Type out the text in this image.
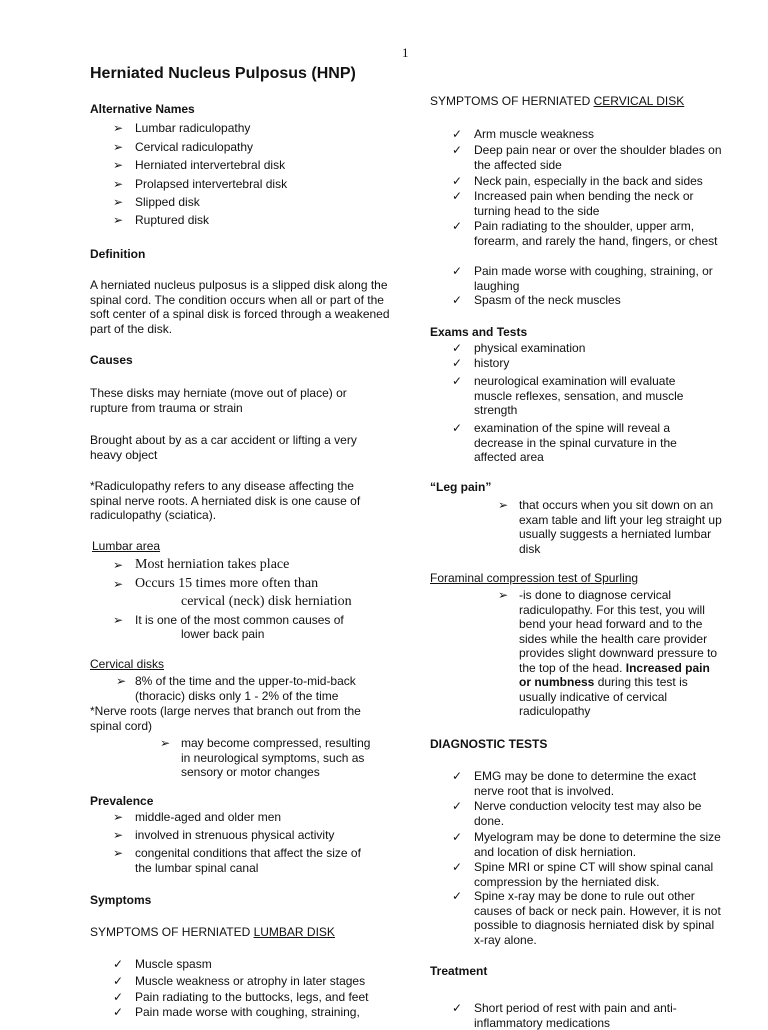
1
Herniated Nucleus Pulposus (HNP)
Alternative Names
➢ Lumbar radiculopathy
➢ Cervical radiculopathy
➢ Herniated intervertebral disk
➢ Prolapsed intervertebral disk
➢ Slipped disk
➢ Ruptured disk
Definition

A herniated nucleus pulposus is a slipped disk along the spinal cord. The condition occurs when all or part of the soft center of a spinal disk is forced through a weakened part of the disk.

Causes

These disks may herniate (move out of place) or rupture from trauma or strain

Brought about by as a car accident or lifting a very heavy object

*Radiculopathy refers to any disease affecting the spinal nerve roots. A herniated disk is one cause of radiculopathy (sciatica).

Lumbar area
➢ Most herniation takes place
➢ Occurs 15 times more often than
cervical (neck) disk herniation
➢ It is one of the most common causes of
lower back pain
Cervical disks
➢ 8% of the time and the upper-to-mid-back
(thoracic) disks only 1 - 2% of the time

*Nerve roots (large nerves that branch out from the spinal cord)

➢ may become compressed, resulting in neurological symptoms, such as sensory or motor changes
Prevalence
➢ middle-aged and older men
➢ involved in strenuous physical activity
➢ congenital conditions that affect the size of the lumbar spinal canal
Symptoms
SYMPTOMS OF HERNIATED LUMBAR DISK
✓ Muscle spasm
✓ Muscle weakness or atrophy in later stages
✓ Pain radiating to the buttocks, legs, and feet
✓ Pain made worse with coughing, straining,
SYMPTOMS OF HERNIATED CERVICAL DISK
✓ Arm muscle weakness
✓ Deep pain near or over the shoulder blades on the affected side
✓ Neck pain, especially in the back and sides
✓ Increased pain when bending the neck or turning head to the side
✓ Pain radiating to the shoulder, upper arm, forearm, and rarely the hand, fingers, or chest
✓ Pain made worse with coughing, straining, or laughing
✓ Spasm of the neck muscles
Exams and Tests
✓ physical examination
✓ history
✓ neurological examination will evaluate muscle reflexes, sensation, and muscle strength
✓ examination of the spine will reveal a decrease in the spinal curvature in the affected area
“Leg pain”
➢ that occurs when you sit down on an exam table and lift your leg straight up usually suggests a herniated lumbar disk
Foraminal compression test of Spurling
➢ -is done to diagnose cervical radiculopathy. For this test, you will bend your head forward and to the sides while the health care provider provides slight downward pressure to the top of the head. Increased pain or numbness during this test is usually indicative of cervical radiculopathy
DIAGNOSTIC TESTS
✓ EMG may be done to determine the exact nerve root that is involved.
✓ Nerve conduction velocity test may also be done.
✓ Myelogram may be done to determine the size and location of disk herniation.
✓ Spine MRI or spine CT will show spinal canal compression by the herniated disk.
✓ Spine x-ray may be done to rule out other causes of back or neck pain. However, it is not possible to diagnosis herniated disk by spinal x-ray alone.
Treatment
✓ Short period of rest with pain and anti-inflammatory medications
